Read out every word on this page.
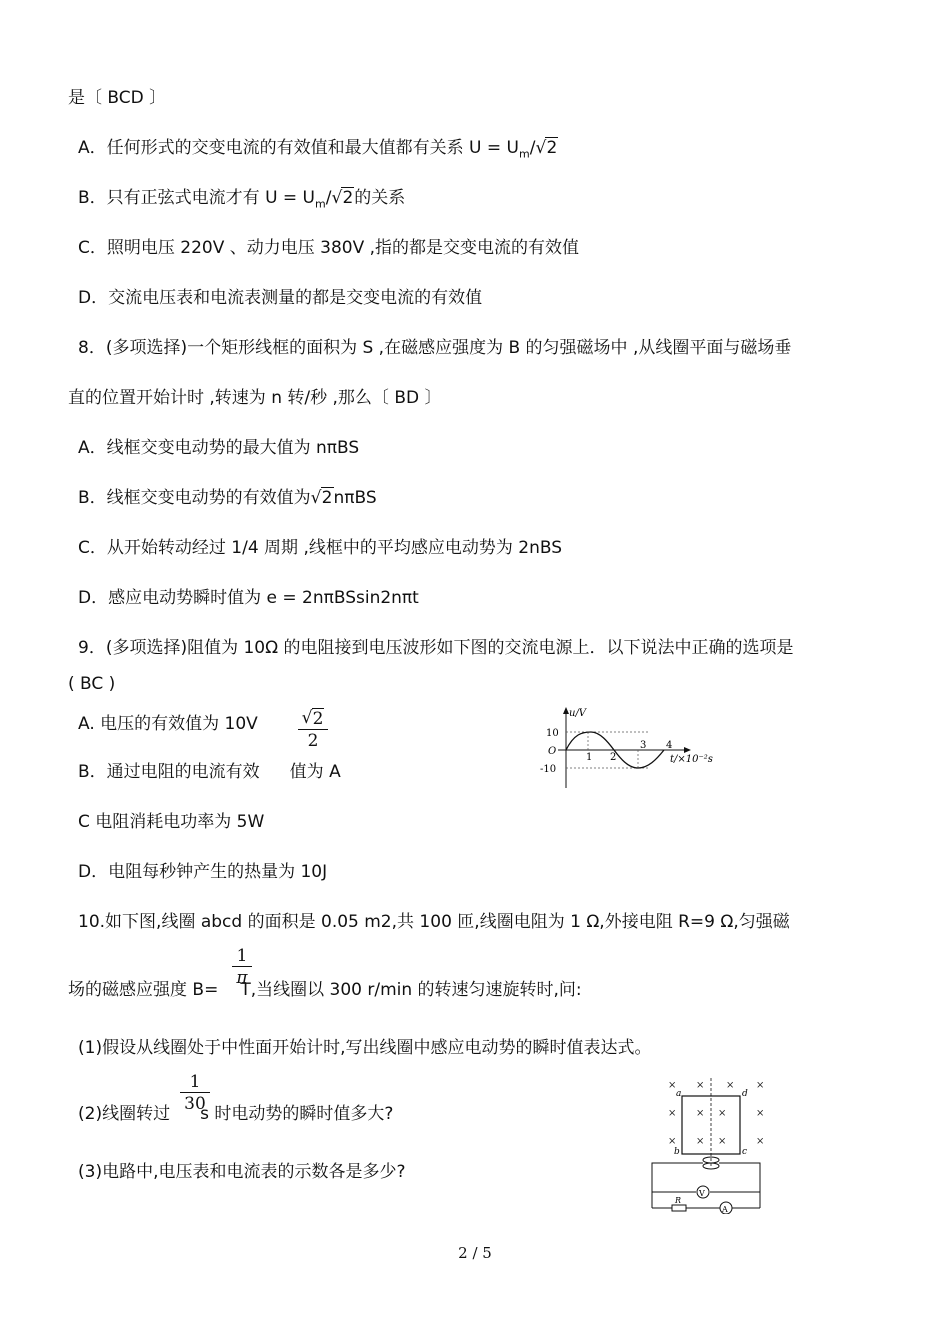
是〔 BCD 〕
A．任何形式的交变电流的有效值和最大值都有关系 $U = U_m/$ √ 2
B．只有正弦式电流才有 $U = U_m/$ √ 2的关系
C．照明电压 220V 、动力电压 380V ,指的都是交变电流的有效值
D．交流电压表和电流表测量的都是交变电流的有效值
8．(多项选择)一个矩形线框的面积为 S ,在磁感应强度为 B 的匀强磁场中 ,从线圈平面与磁场垂
直的位置开始计时 ,转速为 n 转/秒 ,那么〔 BD 〕
A．线框交变电动势的最大值为 nπBS
B．线框交变电动势的有效值为 √ 2nπBS
C．从开始转动经过 1/4 周期 ,线框中的平均感应电动势为 2nBS
D．感应电动势瞬时值为 e = 2nπBSsin2nπt
9．(多项选择)阻值为 10Ω 的电阻接到电压波形如下图的交流电源上．以下说法中正确的选项是
( BC )
A. 电压的有效值为 10V	√ 2
2
B．通过电阻的电流有效 值为 A
C 电阻消耗电功率为 5W
D．电阻每秒钟产生的热量为 10J
u/V
10
O
-10
1 2
3 4
t/×10⁻²s
10.如下图,线圈 abcd 的面积是 0.05 m2,共 100 匝,线圈电阻为 1 Ω,外接电阻 R=9 Ω,匀强磁
1
π
场的磁感应强度 B= T,当线圈以 300 r/min 的转速匀速旋转时,问:
(1)假设从线圈处于中性面开始计时,写出线圈中感应电动势的瞬时值表达式。
1
30
(2)线圈转过 s 时电动势的瞬时值多大?
(3)电路中,电压表和电流表的示数各是多少?
× × × ×
× × ×	×
× × ×	×
a	d
b	c
V
R
A
2 / 5
